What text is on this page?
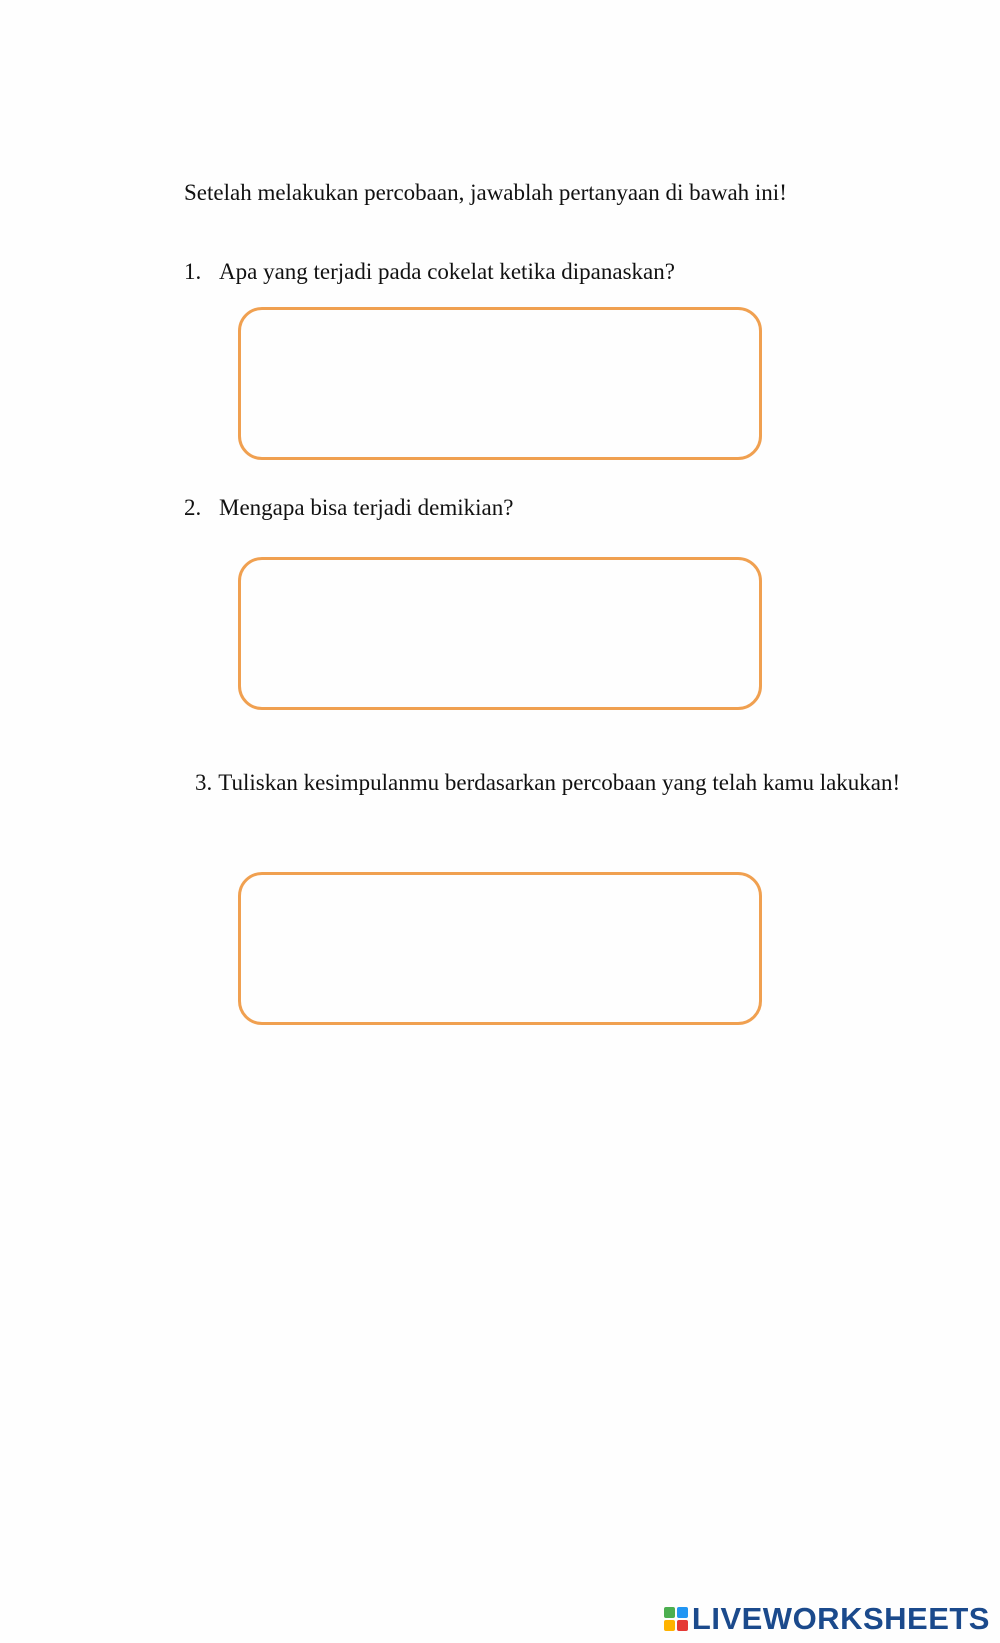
Setelah melakukan percobaan, jawablah pertanyaan di bawah ini!
1. Apa yang terjadi pada cokelat ketika dipanaskan?
2. Mengapa bisa terjadi demikian?
3. Tuliskan kesimpulanmu berdasarkan percobaan yang telah kamu lakukan!
LIVEWORKSHEETS
